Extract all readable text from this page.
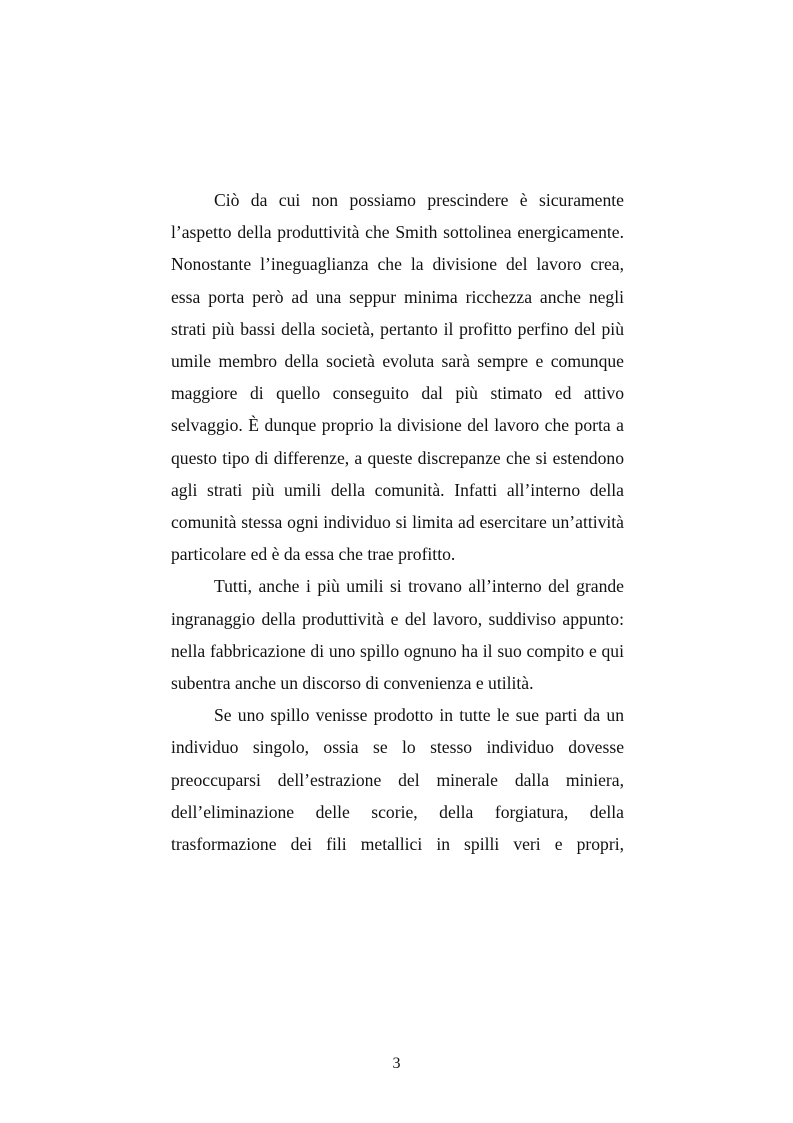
Ciò da cui non possiamo prescindere è sicuramente l’aspetto della produttività che Smith sottolinea energicamente. Nonostante l’ineguaglianza che la divisione del lavoro crea, essa porta però ad una seppur minima ricchezza anche negli strati più bassi della società, pertanto il profitto perfino del più umile membro della società evoluta sarà sempre e comunque maggiore di quello conseguito dal più stimato ed attivo selvaggio. È dunque proprio la divisione del lavoro che porta a questo tipo di differenze, a queste discrepanze che si estendono agli strati più umili della comunità. Infatti all’interno della comunità stessa ogni individuo si limita ad esercitare un’attività particolare ed è da essa che trae profitto.

Tutti, anche i più umili si trovano all’interno del grande ingranaggio della produttività e del lavoro, suddiviso appunto: nella fabbricazione di uno spillo ognuno ha il suo compito e qui subentra anche un discorso di convenienza e utilità.

Se uno spillo venisse prodotto in tutte le sue parti da un individuo singolo, ossia se lo stesso individuo dovesse preoccuparsi dell’estrazione del minerale dalla miniera, dell’eliminazione delle scorie, della forgiatura, della trasformazione dei fili metallici in spilli veri e propri,

3
